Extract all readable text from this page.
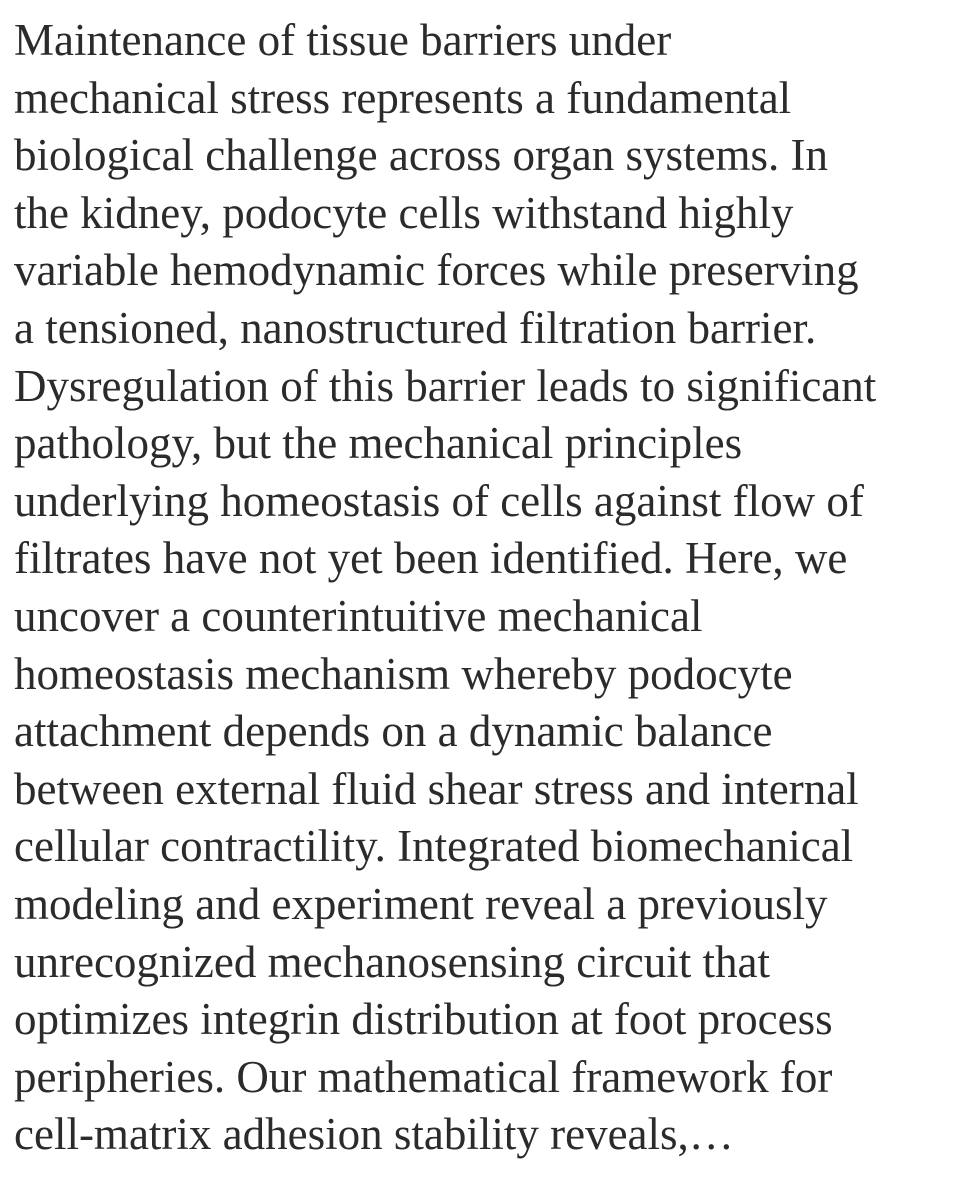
Maintenance of tissue barriers under
mechanical stress represents a fundamental
biological challenge across organ systems. In
the kidney, podocyte cells withstand highly
variable hemodynamic forces while preserving
a tensioned, nanostructured filtration barrier.
Dysregulation of this barrier leads to significant
pathology, but the mechanical principles
underlying homeostasis of cells against flow of
filtrates have not yet been identified. Here, we
uncover a counterintuitive mechanical
homeostasis mechanism whereby podocyte
attachment depends on a dynamic balance
between external fluid shear stress and internal
cellular contractility. Integrated biomechanical
modeling and experiment reveal a previously
unrecognized mechanosensing circuit that
optimizes integrin distribution at foot process
peripheries. Our mathematical framework for
cell-matrix adhesion stability reveals,…
